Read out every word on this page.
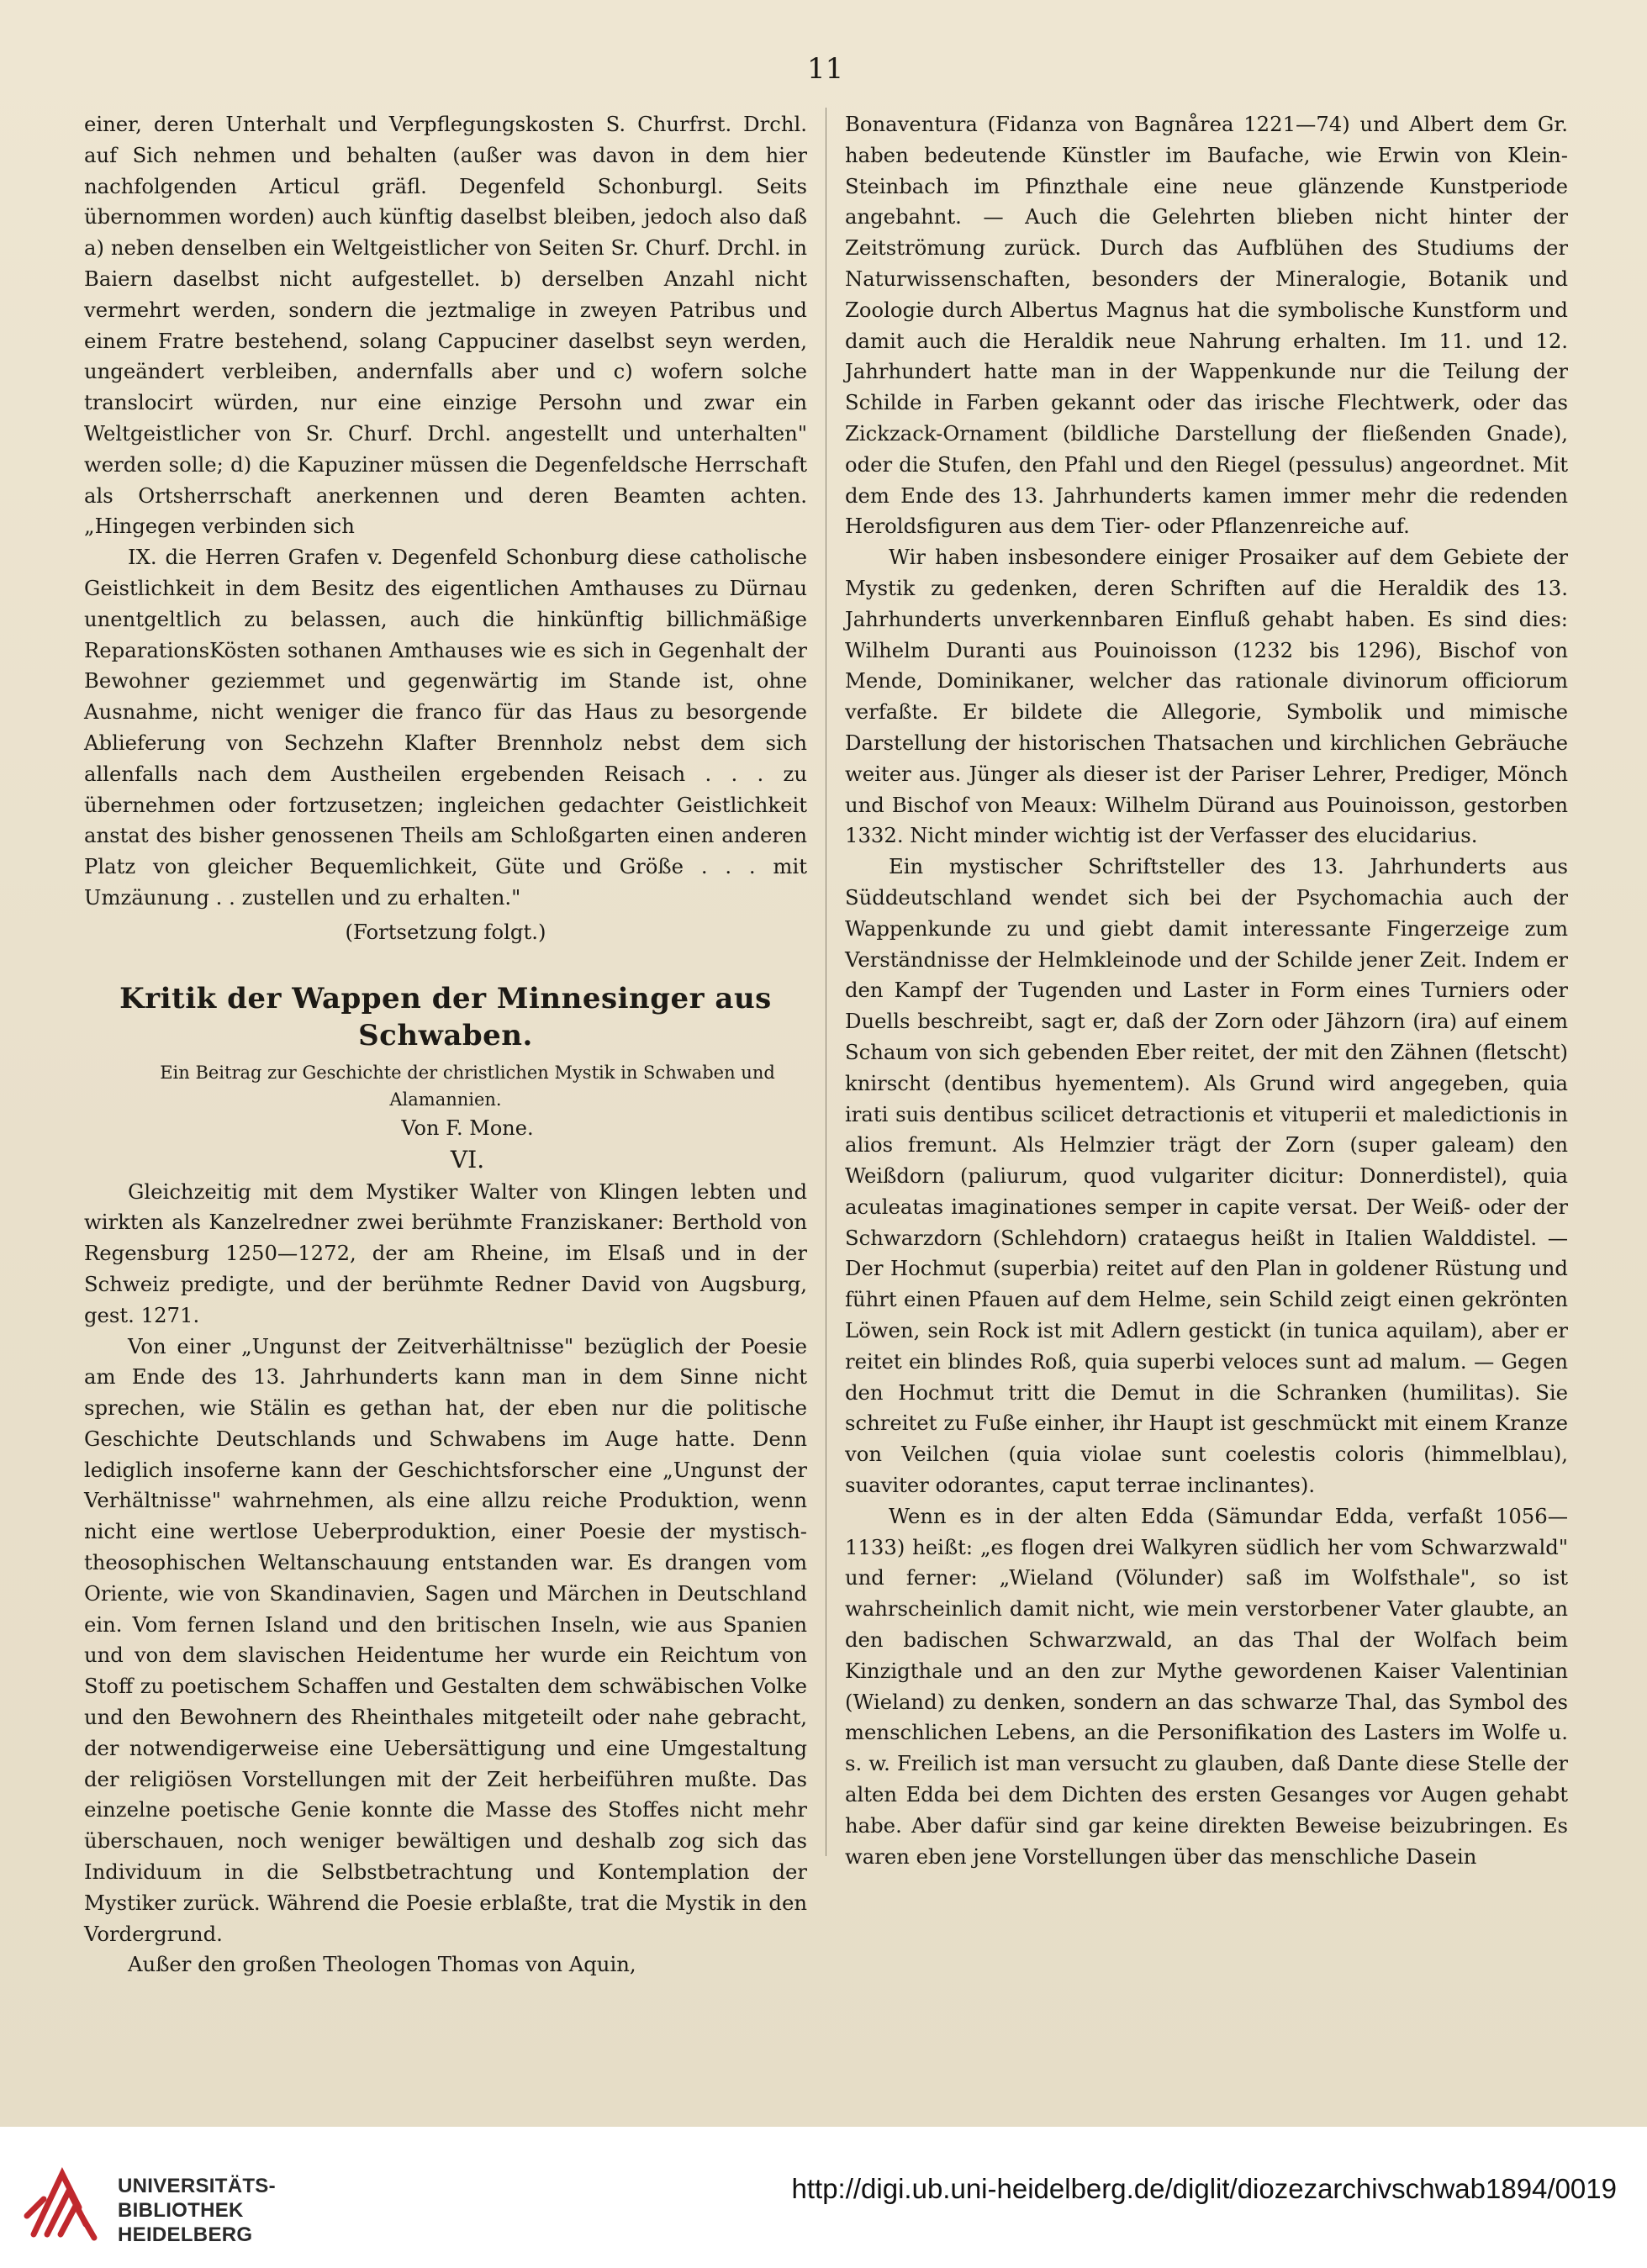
11

einer, deren Unterhalt und Verpflegungskosten S. Churfrst. Drchl. auf Sich nehmen und behalten (außer was davon in dem hier nachfolgenden Articul gräfl. Degenfeld Schonburgl. Seits übernommen worden) auch künftig daselbst bleiben, jedoch also daß a) neben denselben ein Weltgeistlicher von Seiten Sr. Churf. Drchl. in Baiern daselbst nicht aufgestellet. b) derselben Anzahl nicht vermehrt werden, sondern die jeztmalige in zweyen Patribus und einem Fratre bestehend, solang Cappuciner daselbst seyn werden, ungeändert verbleiben, andernfalls aber und c) wofern solche translocirt würden, nur eine einzige Persohn und zwar ein Weltgeistlicher von Sr. Churf. Drchl. angestellt und unterhalten" werden solle; d) die Kapuziner müssen die Degenfeldsche Herrschaft als Ortsherrschaft anerkennen und deren Beamten achten. „Hingegen verbinden sich

IX. die Herren Grafen v. Degenfeld Schonburg diese catholische Geistlichkeit in dem Besitz des eigentlichen Amthauses zu Dürnau unentgeltlich zu belassen, auch die hinkünftig billichmäßige ReparationsKösten sothanen Amthauses wie es sich in Gegenhalt der Bewohner geziemmet und gegenwärtig im Stande ist, ohne Ausnahme, nicht weniger die franco für das Haus zu besorgende Ablieferung von Sechzehn Klafter Brennholz nebst dem sich allenfalls nach dem Austheilen ergebenden Reisach . . . zu übernehmen oder fortzusetzen; ingleichen gedachter Geistlichkeit anstat des bisher genossenen Theils am Schloßgarten einen anderen Platz von gleicher Bequemlichkeit, Güte und Größe . . . mit Umzäunung . . zustellen und zu erhalten."

(Fortsetzung folgt.)

Kritik der Wappen der Minnesinger aus Schwaben.

Ein Beitrag zur Geschichte der christlichen Mystik in Schwaben und Alamannien.

Von F. Mone.

VI.

Gleichzeitig mit dem Mystiker Walter von Klingen lebten und wirkten als Kanzelredner zwei berühmte Franziskaner: Berthold von Regensburg 1250—1272, der am Rheine, im Elsaß und in der Schweiz predigte, und der berühmte Redner David von Augsburg, gest. 1271.

Von einer „Ungunst der Zeitverhältnisse" bezüglich der Poesie am Ende des 13. Jahrhunderts kann man in dem Sinne nicht sprechen, wie Stälin es gethan hat, der eben nur die politische Geschichte Deutschlands und Schwabens im Auge hatte. Denn lediglich insoferne kann der Geschichtsforscher eine „Ungunst der Verhältnisse" wahrnehmen, als eine allzu reiche Produktion, wenn nicht eine wertlose Ueberproduktion, einer Poesie der mystisch-theosophischen Weltanschauung entstanden war. Es drangen vom Oriente, wie von Skandinavien, Sagen und Märchen in Deutschland ein. Vom fernen Island und den britischen Inseln, wie aus Spanien und von dem slavischen Heidentume her wurde ein Reichtum von Stoff zu poetischem Schaffen und Gestalten dem schwäbischen Volke und den Bewohnern des Rheinthales mitgeteilt oder nahe gebracht, der notwendigerweise eine Uebersättigung und eine Umgestaltung der religiösen Vorstellungen mit der Zeit herbeiführen mußte. Das einzelne poetische Genie konnte die Masse des Stoffes nicht mehr überschauen, noch weniger bewältigen und deshalb zog sich das Individuum in die Selbstbetrachtung und Kontemplation der Mystiker zurück. Während die Poesie erblaßte, trat die Mystik in den Vordergrund.

Außer den großen Theologen Thomas von Aquin,

Bonaventura (Fidanza von Bagnårea 1221—74) und Albert dem Gr. haben bedeutende Künstler im Baufache, wie Erwin von Klein-Steinbach im Pfinzthale eine neue glänzende Kunstperiode angebahnt. — Auch die Gelehrten blieben nicht hinter der Zeitströmung zurück. Durch das Aufblühen des Studiums der Naturwissenschaften, besonders der Mineralogie, Botanik und Zoologie durch Albertus Magnus hat die symbolische Kunstform und damit auch die Heraldik neue Nahrung erhalten. Im 11. und 12. Jahrhundert hatte man in der Wappenkunde nur die Teilung der Schilde in Farben gekannt oder das irische Flechtwerk, oder das Zickzack-Ornament (bildliche Darstellung der fließenden Gnade), oder die Stufen, den Pfahl und den Riegel (pessulus) angeordnet. Mit dem Ende des 13. Jahrhunderts kamen immer mehr die redenden Heroldsfiguren aus dem Tier- oder Pflanzenreiche auf.

Wir haben insbesondere einiger Prosaiker auf dem Gebiete der Mystik zu gedenken, deren Schriften auf die Heraldik des 13. Jahrhunderts unverkennbaren Einfluß gehabt haben. Es sind dies: Wilhelm Duranti aus Pouinoisson (1232 bis 1296), Bischof von Mende, Dominikaner, welcher das rationale divinorum officiorum verfaßte. Er bildete die Allegorie, Symbolik und mimische Darstellung der historischen Thatsachen und kirchlichen Gebräuche weiter aus. Jünger als dieser ist der Pariser Lehrer, Prediger, Mönch und Bischof von Meaux: Wilhelm Dürand aus Pouinoisson, gestorben 1332. Nicht minder wichtig ist der Verfasser des elucidarius.

Ein mystischer Schriftsteller des 13. Jahrhunderts aus Süddeutschland wendet sich bei der Psychomachia auch der Wappenkunde zu und giebt damit interessante Fingerzeige zum Verständnisse der Helmkleinode und der Schilde jener Zeit. Indem er den Kampf der Tugenden und Laster in Form eines Turniers oder Duells beschreibt, sagt er, daß der Zorn oder Jähzorn (ira) auf einem Schaum von sich gebenden Eber reitet, der mit den Zähnen (fletscht) knirscht (dentibus hyementem). Als Grund wird angegeben, quia irati suis dentibus scilicet detractionis et vituperii et maledictionis in alios fremunt. Als Helmzier trägt der Zorn (super galeam) den Weißdorn (paliurum, quod vulgariter dicitur: Donnerdistel), quia aculeatas imaginationes semper in capite versat. Der Weiß- oder der Schwarzdorn (Schlehdorn) crataegus heißt in Italien Walddistel. — Der Hochmut (superbia) reitet auf den Plan in goldener Rüstung und führt einen Pfauen auf dem Helme, sein Schild zeigt einen gekrönten Löwen, sein Rock ist mit Adlern gestickt (in tunica aquilam), aber er reitet ein blindes Roß, quia superbi veloces sunt ad malum. — Gegen den Hochmut tritt die Demut in die Schranken (humilitas). Sie schreitet zu Fuße einher, ihr Haupt ist geschmückt mit einem Kranze von Veilchen (quia violae sunt coelestis coloris (himmelblau), suaviter odorantes, caput terrae inclinantes).

Wenn es in der alten Edda (Sämundar Edda, verfaßt 1056—1133) heißt: „es flogen drei Walkyren südlich her vom Schwarzwald" und ferner: „Wieland (Völunder) saß im Wolfsthale", so ist wahrscheinlich damit nicht, wie mein verstorbener Vater glaubte, an den badischen Schwarzwald, an das Thal der Wolfach beim Kinzigthale und an den zur Mythe gewordenen Kaiser Valentinian (Wieland) zu denken, sondern an das schwarze Thal, das Symbol des menschlichen Lebens, an die Personifikation des Lasters im Wolfe u. s. w. Freilich ist man versucht zu glauben, daß Dante diese Stelle der alten Edda bei dem Dichten des ersten Gesanges vor Augen gehabt habe. Aber dafür sind gar keine direkten Beweise beizubringen. Es waren eben jene Vorstellungen über das menschliche Dasein

UNIVERSITÄTS-
BIBLIOTHEK
HEIDELBERG
http://digi.ub.uni-heidelberg.de/diglit/diozezarchivschwab1894/0019
